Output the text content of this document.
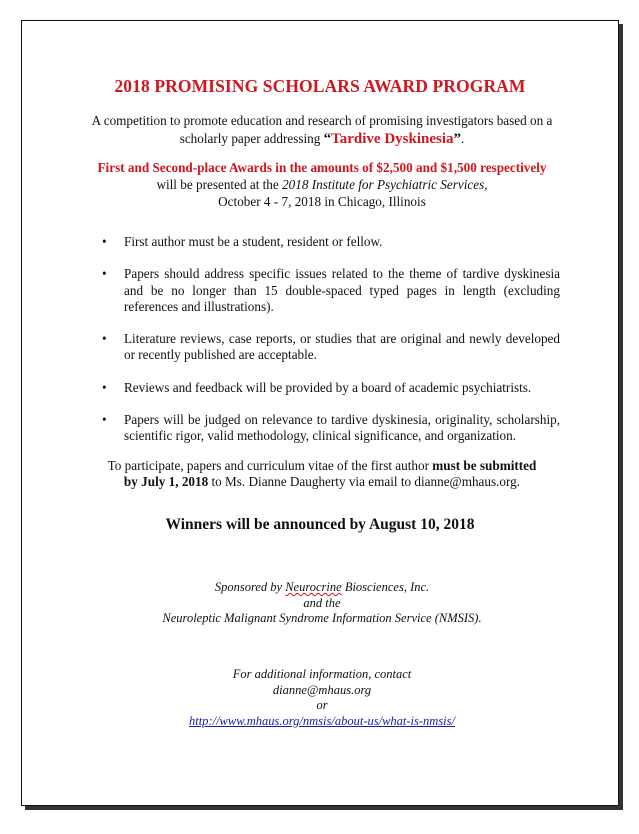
2018 PROMISING SCHOLARS AWARD PROGRAM
A competition to promote education and research of promising investigators based on a
scholarly paper addressing “Tardive Dyskinesia”.
First and Second-place Awards in the amounts of $2,500 and $1,500 respectively
will be presented at the 2018 Institute for Psychiatric Services,
October 4 - 7, 2018 in Chicago, Illinois
• First author must be a student, resident or fellow.
• Papers should address specific issues related to the theme of tardive dyskinesia and be no longer than 15 double-spaced typed pages in length (excluding references and illustrations).
• Literature reviews, case reports, or studies that are original and newly developed or recently published are acceptable.
• Reviews and feedback will be provided by a board of academic psychiatrists.
• Papers will be judged on relevance to tardive dyskinesia, originality, scholarship, scientific rigor, valid methodology, clinical significance, and organization.
To participate, papers and curriculum vitae of the first author must be submitted
by July 1, 2018 to Ms. Dianne Daugherty via email to dianne@mhaus.org.
Winners will be announced by August 10, 2018
Sponsored by Neurocrine Biosciences, Inc.
and the
Neuroleptic Malignant Syndrome Information Service (NMSIS).
For additional information, contact
dianne@mhaus.org
or
http://www.mhaus.org/nmsis/about-us/what-is-nmsis/
